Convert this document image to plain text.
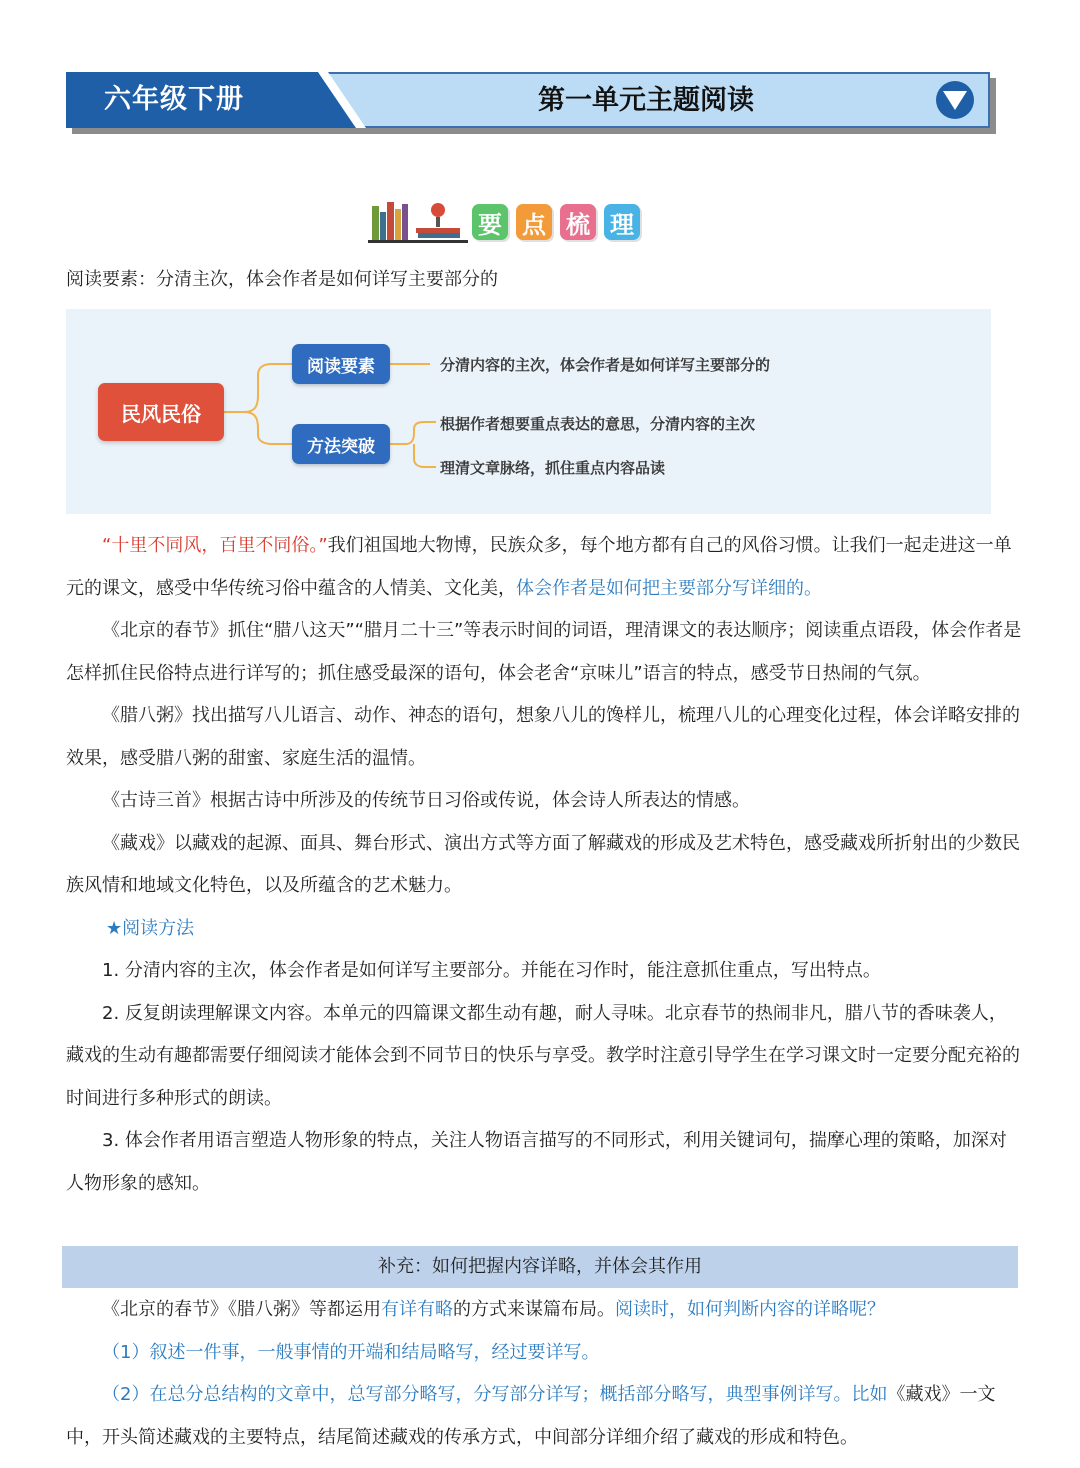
六年级下册	第一单元主题阅读
要 点 梳 理
阅读要素：分清主次，体会作者是如何详写主要部分的
民风民俗
阅读要素
方法突破
分清内容的主次，体会作者是如何详写主要部分的
根据作者想要重点表达的意思，分清内容的主次
理清文章脉络，抓住重点内容品读

“十里不同风，百里不同俗。”我们祖国地大物博，民族众多，每个地方都有自己的风俗习惯。让我们一起走进这一单元的课文，感受中华传统习俗中蕴含的人情美、文化美，体会作者是如何把主要部分写详细的。

《北京的春节》抓住“腊八这天”“腊月二十三”等表示时间的词语，理清课文的表达顺序；阅读重点语段，体会作者是怎样抓住民俗特点进行详写的；抓住感受最深的语句，体会老舍“京味儿”语言的特点，感受节日热闹的气氛。

《腊八粥》找出描写八儿语言、动作、神态的语句，想象八儿的馋样儿，梳理八儿的心理变化过程，体会详略安排的效果，感受腊八粥的甜蜜、家庭生活的温情。

《古诗三首》根据古诗中所涉及的传统节日习俗或传说，体会诗人所表达的情感。

《藏戏》以藏戏的起源、面具、舞台形式、演出方式等方面了解藏戏的形成及艺术特色，感受藏戏所折射出的少数民族风情和地域文化特色，以及所蕴含的艺术魅力。

★阅读方法

1. 分清内容的主次，体会作者是如何详写主要部分。并能在习作时，能注意抓住重点，写出特点。

2. 反复朗读理解课文内容。本单元的四篇课文都生动有趣，耐人寻味。北京春节的热闹非凡，腊八节的香味袭人，藏戏的生动有趣都需要仔细阅读才能体会到不同节日的快乐与享受。教学时注意引导学生在学习课文时一定要分配充裕的时间进行多种形式的朗读。

3. 体会作者用语言塑造人物形象的特点，关注人物语言描写的不同形式，利用关键词句，揣摩心理的策略，加深对人物形象的感知。

补充：如何把握内容详略，并体会其作用

《北京的春节》《腊八粥》等都运用有详有略的方式来谋篇布局。阅读时，如何判断内容的详略呢？

（1）叙述一件事，一般事情的开端和结局略写，经过要详写。

（2）在总分总结构的文章中，总写部分略写，分写部分详写；概括部分略写，典型事例详写。比如《藏戏》一文中，开头简述藏戏的主要特点，结尾简述藏戏的传承方式，中间部分详细介绍了藏戏的形成和特色。
